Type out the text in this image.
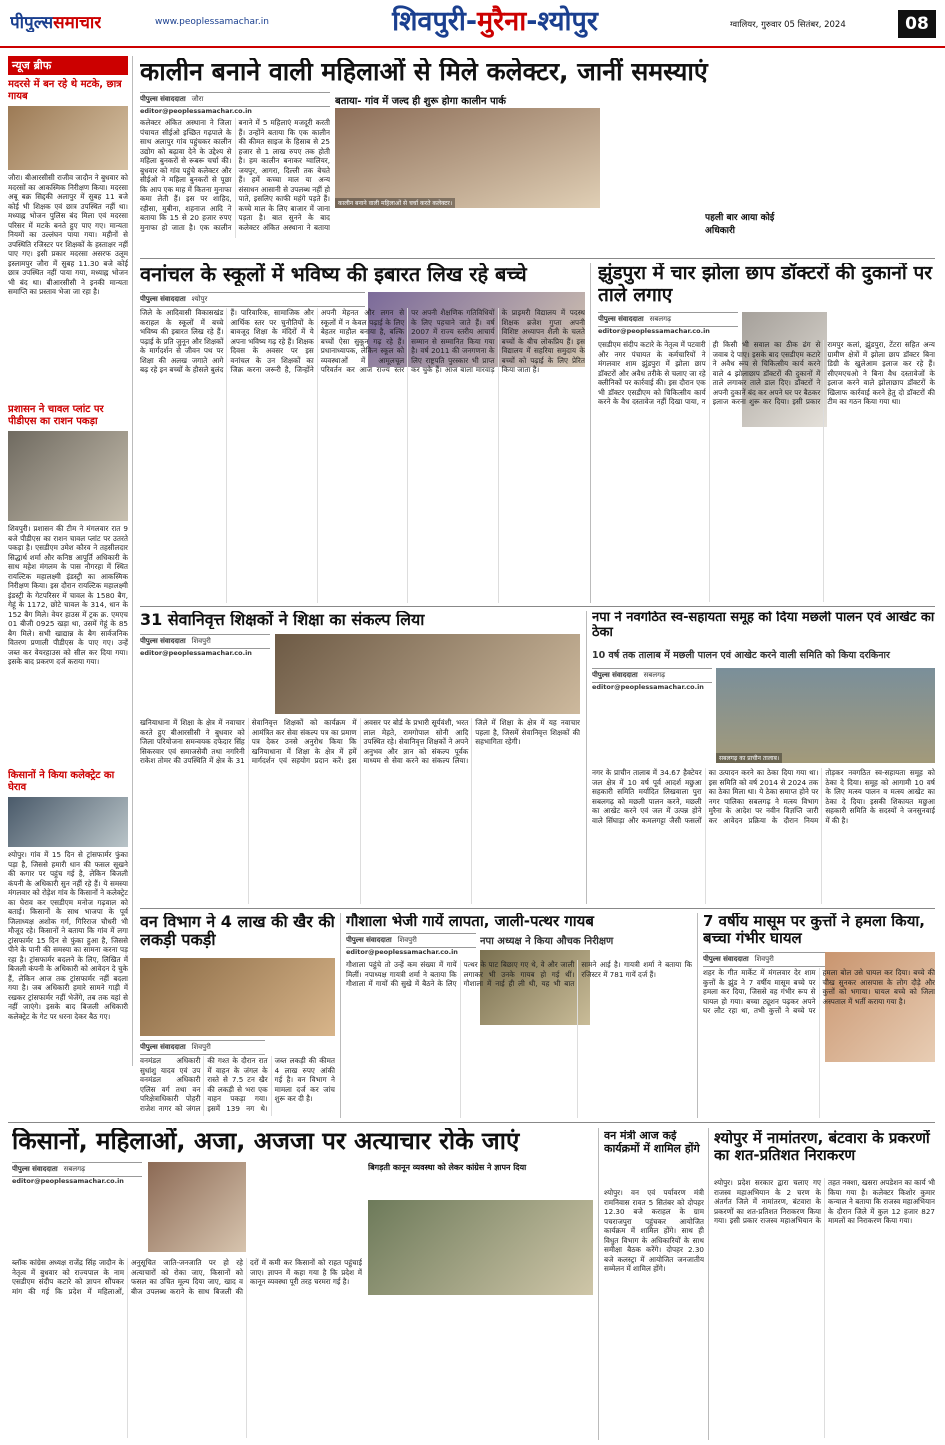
पीपुल्स समाचार	www.peoplessamachar.in	शिवपुरी-मुरैना-श्योपुर	ग्वालियर, गुरुवार 05 सितंबर, 2024	08
न्यूज ब्रीफ
मदरसे में बन रहे थे मटके, छात्र गायब
जौरा। बीआरसीसी राजीव जादौन ने बुधवार को मदरसों का आकस्मिक निरीक्षण किया। मदरसा अबू बक्र सिद्दकी अलापुर में सुबह 11 बजे कोई भी शिक्षक एवं छात्र उपस्थित नहीं था। मध्याह्न भोजन पुलिस बंद मिला एवं मदरसा परिसर में मटके बनते हुए पाए गए। मान्यता नियमों का उल्लंघन पाया गया। महीनों से उपस्थिति रजिस्टर पर शिक्षकों के हस्ताक्षर नहीं पाए गए। इसी प्रकार मदरसा असरफ उलूम इस्लामपुर जौरा में सुबह 11.30 बजे कोई छात्र उपस्थित नहीं पाया गया, मध्याह्न भोजन भी बंद था। बीआरसीसी ने इनकी मान्यता समाप्ति का प्रस्ताव भेजा जा रहा है।
प्रशासन ने चावल प्लांट पर पीडीएस का राशन पकड़ा
शिवपुरी। प्रशासन की टीम ने मंगलवार रात 9 बजे पीडीएस का राशन चावल प्लांट पर उतरते पकड़ा है। एसडीएम उमेश कौरव ने तहसीलदार सिद्धार्थ शर्मा और कनिष्ठ आपूर्ति अधिकारी के साथ महेश मंगलम के पास नौगरहा में स्थित रायल्टिक महालक्ष्मी इंडस्ट्री का आकस्मिक निरीक्षण किया। इस दौरान रायल्टिक महालक्ष्मी इंडस्ट्री के गेटपरिसर में चावल के 1580 बैग, गेहूं के 1172, छोटे चावल के 314, धान के 152 बैग मिले। वेयर हाउस में ट्रक क्र. एमएच 01 बीजी 0925 खड़ा था, उसमें गेहूं के 85 बैग मिले। सभी खाद्यान्न के बैग सार्वजनिक वितरण प्रणाली पीडीएस के पाए गए। उन्हें जब्त कर वेयरहाउस को सील कर दिया गया। इसके बाद प्रकरण दर्ज कराया गया।
किसानों ने किया कलेक्ट्रेट का घेराव
श्योपुर। गांव में 15 दिन से ट्रांसफार्मर फुंका पड़ा है, जिससे हमारी धान की फसल सूखने की कगार पर पहुंच गई है, लेकिन बिजली कंपनी के अधिकारी सुन नहीं रहे हैं। ये समस्या मंगलवार को रोड़ेश गांव के किसानों ने कलेक्ट्रेट का घेराव कर एसडीएम मनोज गढ़वाल को बताई। किसानों के साथ भाजपा के पूर्व जिलाध्यक्ष अशोक गर्ग, गिरिराज चौधरी भी मौजूद रहे। किसानों ने बताया कि गांव में लगा ट्रांसफार्मर 15 दिन से फुंका हुआ है, जिससे पीने के पानी की समस्या का सामना करना पड़ रहा है। ट्रांसफार्मर बदलने के लिए, लिखित में बिजली कंपनी के अधिकारी को आवेदन दे चुके हैं, लेकिन आज तक ट्रांसफार्मर नहीं बदला गया है। जब अधिकारी हमारे सामने गाड़ी में रखकर ट्रांसफार्मर नहीं भेजेंगे, तब तक यहां से नहीं जाएंगे। इसके बाद बिजली अधिकारी कलेक्ट्रेट के गेट पर धरना देकर बैठ गए।
कालीन बनाने वाली महिलाओं से मिले कलेक्टर, जानीं समस्याएं
पीपुल्स संवाददाता जौरा
editor@peoplessamachar.co.in
बताया- गांव में जल्द ही शुरू होगा कालीन पार्क
कालीन बनाने वाली महिलाओं से चर्चा करते कलेक्टर।
कलेक्टर अंकित अस्थाना ने जिला पंचायत सीईओ इच्छित गढ़पाले के साथ अलापुर गांव पहुंचकर कालीन उद्योग को बढ़ावा देने के उद्देश्य से महिला बुनकरों से रूबरू चर्चा की। बुधवार को गांव पहुंचे कलेक्टर और सीईओ ने महिला बुनकरों से पूछा कि आप एक माह में कितना मुनाफा कमा लेती हैं। इस पर शाहिद, रहीसा, मुबीना, शहनाज आदि ने बताया कि 15 से 20 हजार रुपए मुनाफा हो जाता है। एक कालीन बनाने में 5 महिलाएं मजदूरी करती हैं। उन्होंने बताया कि एक कालीन की कीमत साइज के हिसाब से 25 हजार से 1 लाख रुपए तक होती है। हम कालीन बनाकर ग्वालियर, जयपुर, आगरा, दिल्ली तक बेचते हैं। हमें कच्चा माल या अन्य संसाधन आसानी से उपलब्ध नहीं हो पाते, इसलिए काफी महंगे पड़ते हैं। कच्चे माल के लिए बाजार में जाना पड़ता है। बात सुनने के बाद कलेक्टर अंकित अस्थाना ने बताया
पहली बार आया कोई अधिकारी
वनांचल के स्कूलों में भविष्य की इबारत लिख रहे बच्चे
पीपुल्स संवाददाता श्योपुर
जिले के आदिवासी विकासखंड कराहल के स्कूलों में बच्चे भविष्य की इबारत लिख रहे हैं। पढ़ाई के प्रति जुनून और शिक्षकों के मार्गदर्शन से जीवन पथ पर शिक्षा की अलख जगाते आगे बढ़ रहे इन बच्चों के हौसले बुलंद हैं। पारिवारिक, सामाजिक और आर्थिक स्तर पर चुनौतियों के बावजूद शिक्षा के मंदिरों में ये अपना भविष्य गढ़ रहे हैं। शिक्षक दिवस के अवसर पर इस वनांचल के उन शिक्षकों का जिक्र करना जरूरी है, जिन्होंने अपनी मेहनत और लगन से स्कूलों में न केवल पढ़ाई के लिए बेहतर माहौल बनाया है, बल्कि बच्चों ऐसा सुकून गढ़ रहे हैं। प्रधानाध्यापक, लेकिन स्कूल को व्यवस्थाओं में आमूलचूल परिवर्तन कर आज राज्य स्तर पर अपनी शैक्षणिक गतिविधियों के लिए पहचाने जाते हैं। वर्ष 2007 में राज्य स्तरीय आचार्य सम्मान से सम्मानित किया गया है। वर्ष 2011 की जनगणना के लिए राष्ट्रपति पुरस्कार भी प्राप्त कर चुके हैं। आज बाला मारवाड़ के प्राइमरी विद्यालय में पदस्थ शिक्षक ब्रजेश गुप्ता अपनी विशिष्ट अध्यापन शैली के चलते बच्चों के बीच लोकप्रिय हैं। इस विद्यालय में सहरिया समुदाय के बच्चों को पढ़ाई के लिए प्रेरित किया जाता है।
झुंडपुरा में चार झोला छाप डॉक्टरों की दुकानों पर ताले लगाए
पीपुल्स संवाददाता सबलगढ़
editor@peoplessamachar.co.in
एसडीएम संदीप कटारे के नेतृत्व में पटवारी और नगर पंचायत के कर्मचारियों ने मंगलवार शाम झुंडपुरा में झोला छाप डॉक्टरों और अवैध तरीके से चलाए जा रहे क्लीनिकों पर कार्रवाई की। इस दौरान एक भी डॉक्टर एसडीएम को चिकित्सीय कार्य करने के वैध दस्तावेज नहीं दिखा पाया, न ही किसी भी सवाल का ठीक ढंग से जवाब दे पाए। इसके बाद एसडीएम कटारे ने अवैध रूप से चिकित्सीय कार्य करने वाले 4 झोलाछाप डॉक्टरों की दुकानों में ताले लगाकर ताले डाल दिए। डॉक्टरों ने अपनी दुकानें बंद कर अपने घर पर बैठकर इलाज करना शुरू कर दिया। इसी प्रकार रामपुर कलां, झुंडपुरा, टेंटरा सहित अन्य ग्रामीण क्षेत्रों में झोला छाप डॉक्टर बिना डिग्री के खुलेआम इलाज कर रहे हैं। सीएमएचओ ने बिना वैध दस्तावेजों के इलाज करने वाले झोलाछाप डॉक्टरों के खिलाफ कार्रवाई करने हेतु दो डॉक्टरों की टीम का गठन किया गया था।
31 सेवानिवृत्त शिक्षकों ने शिक्षा का संकल्प लिया
पीपुल्स संवाददाता शिवपुरी
editor@peoplessamachar.co.in
खनियाधाना में शिक्षा के क्षेत्र में नवाचार करते हुए बीआरसीसी ने बुधवार को जिला परियोजना समन्वयक दफेदार सिंह सिकरवार एवं समाजसेवी तथा नगरिनी राकेश तोमर की उपस्थिति में क्षेत्र के 31 सेवानिवृत्त शिक्षकों को कार्यक्रम में आमंत्रित कर सेवा संकल्प पत्र का प्रमाण पत्र देकर उनसे अनुरोध किया कि खनियाधाना में शिक्षा के क्षेत्र में हमें मार्गदर्शन एवं सहयोग प्रदान करें। इस अवसर पर बोर्ड के प्रभारी सूर्यवंशी, भरत लाल मेहते, रामगोपाल सोनी आदि उपस्थित रहे। सेवानिवृत्त शिक्षकों ने अपने अनुभव और ज्ञान को संकल्प पूर्वक माध्यम से सेवा करने का संकल्प लिया। जिले में शिक्षा के क्षेत्र में यह नवाचार पहला है, जिसमें सेवानिवृत्त शिक्षकों की सहभागिता रहेगी।
नपा ने नवगठित स्व-सहायता समूह को दिया मछली पालन एवं आखेट का ठेका
10 वर्ष तक तालाब में मछली पालन एवं आखेट करने वाली समिति को किया दरकिनार
पीपुल्स संवाददाता सबलगढ़
editor@peoplessamachar.co.in
सबलगढ़ का प्राचीन तालाब।
नगर के प्राचीन तालाब में 34.67 हैक्टेयर जल क्षेत्र में 10 वर्ष पूर्व आदर्श मछुआ सहकारी समिति मर्यादित लिखवाला पुरा सबलगढ़ को मछली पालन करने, मछली का आखेट करने एवं जल में उत्पन्न होने वाले सिंघाड़ा और कमलगट्टा जैसी फसलों का उत्पादन करने का ठेका दिया गया था। इस समिति को वर्ष 2014 से 2024 तक का ठेका मिला था। ये ठेका समाप्त होने पर नगर पालिका सबलगढ़ ने मत्स्य विभाग मुरैना के आदेश पर नवीन विज्ञप्ति जारी कर आवेदन प्रक्रिया के दौरान नियम तोड़कर नवगठित स्व-सहायता समूह को ठेका दे दिया। समूह को आगामी 10 वर्ष के लिए मत्स्य पालन व मत्स्य आखेट का ठेका दे दिया। इसकी शिकायत मछुआ सहकारी समिति के सदस्यों ने जनसुनवाई में की है।
वन विभाग ने 4 लाख की खैर की लकड़ी पकड़ी
पीपुल्स संवाददाता शिवपुरी
वनमंडल अधिकारी सुधांशु यादव एवं उप वनमंडल अधिकारी एलिस वर्ग तथा वन परिक्षेत्राधिकारी पोहरी राजेश नागर को जंगल की गश्त के दौरान रात में वाहन के जंगल के रास्ते से 7.5 टन खैर की लकड़ी से भरा एक वाहन पकड़ा गया। इसमें 139 नग थे। जब्त लकड़ी की कीमत 4 लाख रुपए आंकी गई है। वन विभाग ने मामला दर्ज कर जांच शुरू कर दी है।
गौशाला भेजी गायें लापता, जाली-पत्थर गायब
नपा अध्यक्ष ने किया औचक निरीक्षण
पीपुल्स संवाददाता शिवपुरी
editor@peoplessamachar.co.in
गौशाला पहुंचे तो उन्हें कम संख्या में गायें मिलीं। नपाध्यक्ष गायत्री शर्मा ने बताया कि गौशाला में गायों की सुखे में बैठने के लिए पत्थर के पाट बिछाए गए थे, वे और जाली लगाकर भी उनके गायब हो गई थीं। गौशाला में नाई ही ली थी, यह भी बात सामने आई है। गायत्री शर्मा ने बताया कि रजिस्टर में 781 गायें दर्ज हैं।
7 वर्षीय मासूम पर कुत्तों ने हमला किया, बच्चा गंभीर घायल
पीपुल्स संवाददाता शिवपुरी
शहर के गीत मार्केट में मंगलवार देर शाम कुत्तों के झुंड ने 7 वर्षीय मासूम बच्चे पर हमला कर दिया, जिससे वह गंभीर रूप से घायल हो गया। बच्चा ट्यूशन पढ़कर अपने घर लौट रहा था, तभी कुत्तों ने बच्चे पर हमला बोल उसे घायल कर दिया। बच्चे की चीख सुनकर आसपास के लोग दौड़े और कुत्तों को भगाया। घायल बच्चे को जिला अस्पताल में भर्ती कराया गया है।
किसानों, महिलाओं, अजा, अजजा पर अत्याचार रोके जाएं
पीपुल्स संवाददाता सबलगढ़
editor@peoplessamachar.co.in
बिगड़ती कानून व्यवस्था को लेकर कांग्रेस ने ज्ञापन दिया
ब्लॉक कांग्रेस अध्यक्ष राजेंद्र सिंह जादौन के नेतृत्व में बुधवार को राज्यपाल के नाम एसडीएम संदीप कटारे को ज्ञापन सौंपकर मांग की गई कि प्रदेश में महिलाओं, अनुसूचित जाति-जनजाति पर हो रहे अत्याचारों को रोका जाए, किसानों को फसल का उचित मूल्य दिया जाए, खाद व बीज उपलब्ध कराने के साथ बिजली की दरों में कमी कर किसानों को राहत पहुंचाई जाए। ज्ञापन में कहा गया है कि प्रदेश में कानून व्यवस्था पूरी तरह चरमरा गई है।
वन मंत्री आज कई कार्यक्रमों में शामिल होंगे
श्योपुर। वन एवं पर्यावरण मंत्री रामनिवास रावत 5 सितंबर को दोपहर 12.30 बजे कराहल के ग्राम पचराजपुरा पहुंचकर आयोजित कार्यक्रम में शामिल होंगे। साथ ही विधुत विभाग के अधिकारियों के साथ समीक्षा बैठक करेंगे। दोपहर 2.30 बजे कलस्ट्रा में आयोजित जनजातीय सम्मेलन में शामिल होंगे।
श्योपुर में नामांतरण, बंटवारा के प्रकरणों का शत-प्रतिशत निराकरण
श्योपुर। प्रदेश सरकार द्वारा चलाए गए राजस्व महाअभियान के 2 चरण के अंतर्गत जिले में नामांतरण, बंटवारा के प्रकरणों का शत-प्रतिशत निराकरण किया गया। इसी प्रकार राजस्व महाअभियान के तहत नक्शा, खसरा अपडेशन का कार्य भी किया गया है। कलेक्टर किशोर कुमार कन्याल ने बताया कि राजस्व महाअभियान के दौरान जिले में कुल 12 हजार 827 मामलों का निराकरण किया गया।
